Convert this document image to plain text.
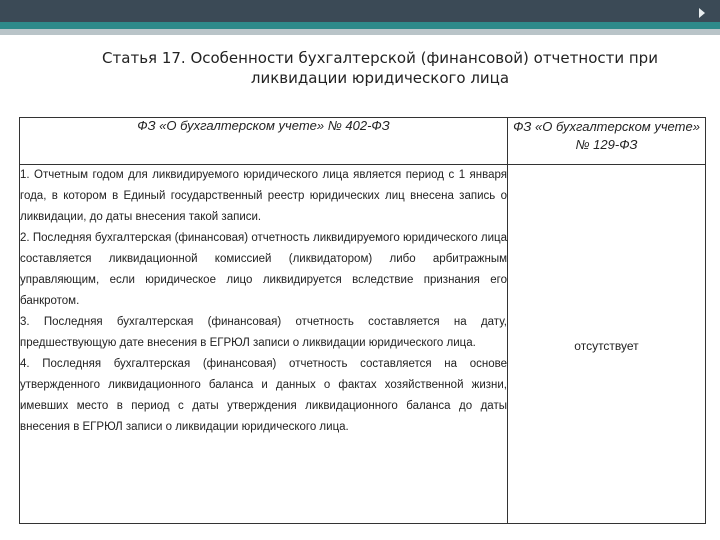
Статья 17. Особенности бухгалтерской (финансовой) отчетности при ликвидации юридического лица
ФЗ «О бухгалтерском учете» № 402-ФЗ	ФЗ «О бухгалтерском учете» № 129-ФЗ

1. Отчетным годом для ликвидируемого юридического лица является период с 1 января года, в котором в Единый государственный реестр юридических лиц внесена запись о ликвидации, до даты внесения такой записи.

2. Последняя бухгалтерская (финансовая) отчетность ликвидируемого юридического лица составляется ликвидационной комиссией (ликвидатором) либо арбитражным управляющим, если юридическое лицо ликвидируется вследствие признания его банкротом.

3. Последняя бухгалтерская (финансовая) отчетность составляется на дату, предшествующую дате внесения в ЕГРЮЛ записи о ликвидации юридического лица.

4. Последняя бухгалтерская (финансовая) отчетность составляется на основе утвержденного ликвидационного баланса и данных о фактах хозяйственной жизни, имевших место в период с даты утверждения ликвидационного баланса до даты внесения в ЕГРЮЛ записи о ликвидации юридического лица.	отсутствует
